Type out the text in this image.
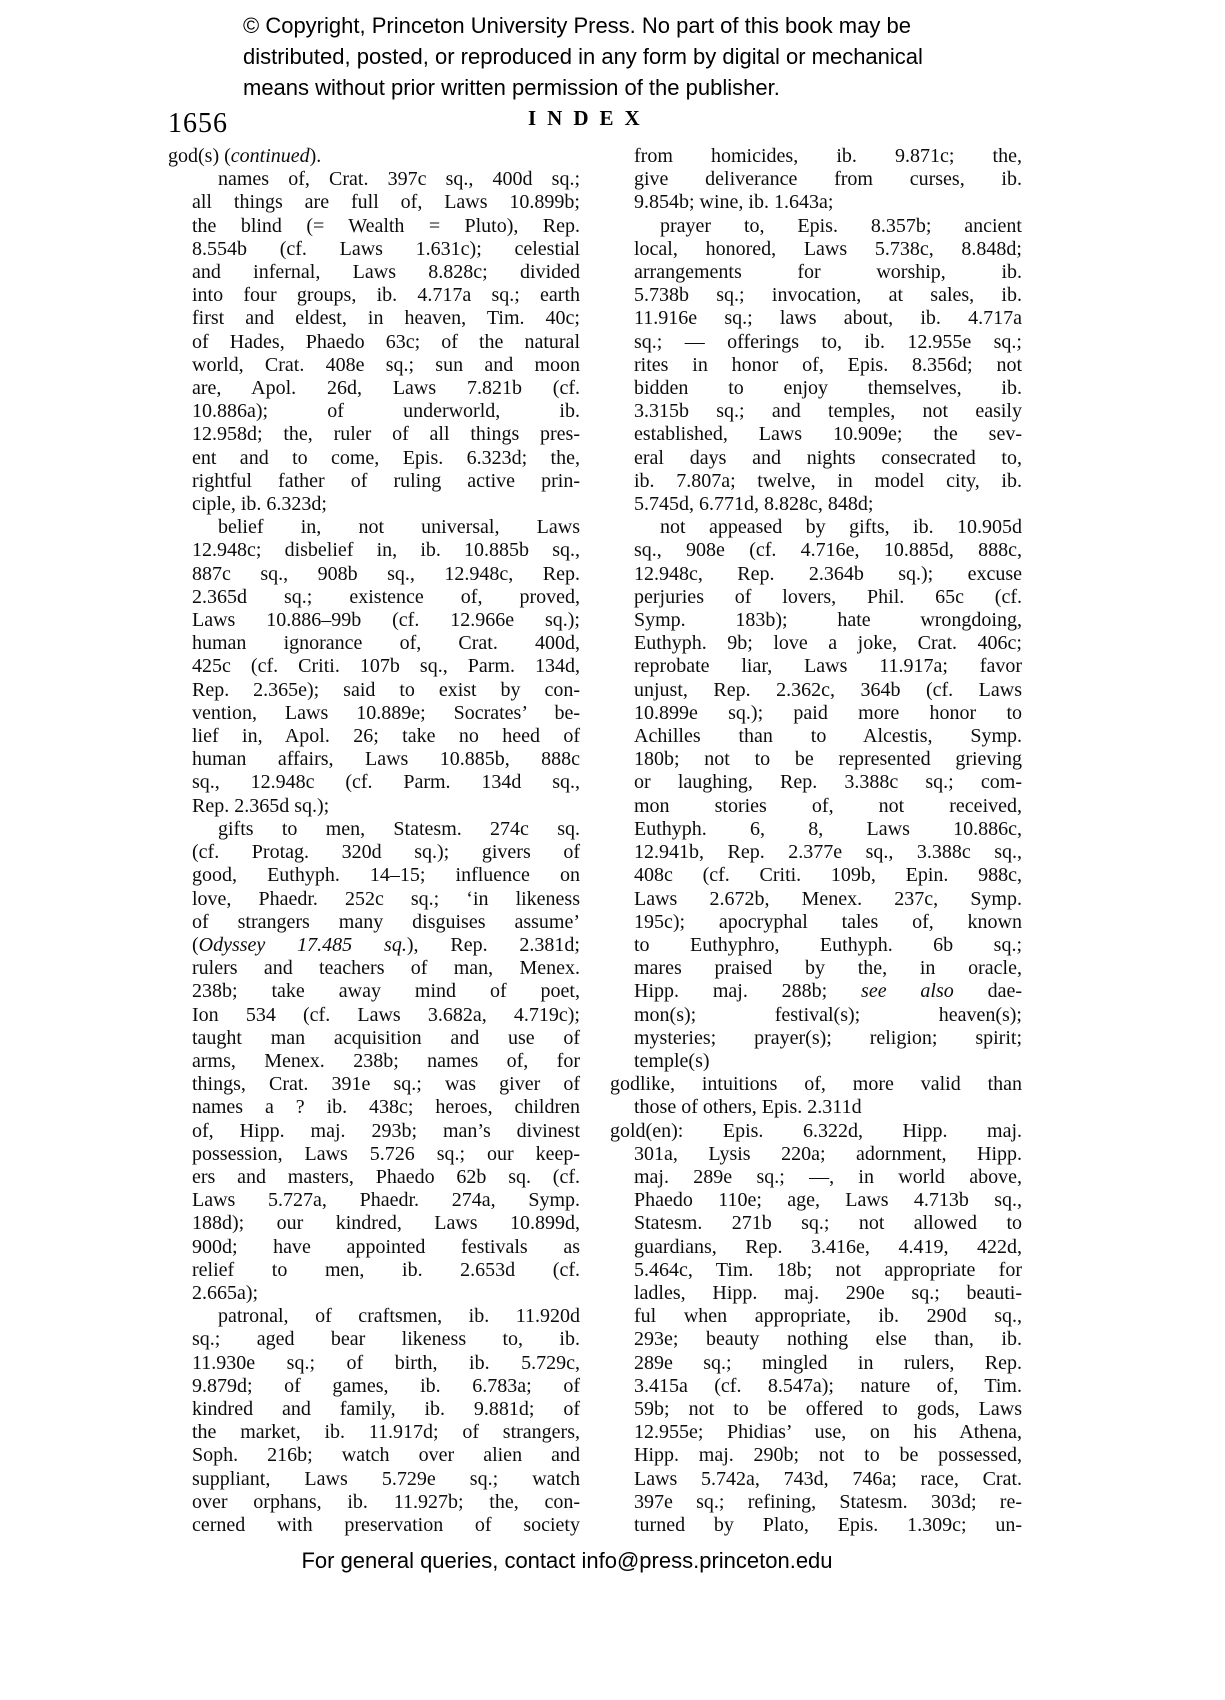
© Copyright, Princeton University Press. No part of this book may be
distributed, posted, or reproduced in any form by digital or mechanical
means without prior written permission of the publisher.
1656	INDEX
god(s) (continued).
names of, Crat. 397c sq., 400d sq.;
all things are full of, Laws 10.899b;
the blind (= Wealth = Pluto), Rep.
8.554b (cf. Laws 1.631c); celestial
and infernal, Laws 8.828c; divided
into four groups, ib. 4.717a sq.; earth
first and eldest, in heaven, Tim. 40c;
of Hades, Phaedo 63c; of the natural
world, Crat. 408e sq.; sun and moon
are, Apol. 26d, Laws 7.821b (cf.
10.886a); of underworld, ib.
12.958d; the, ruler of all things pres-
ent and to come, Epis. 6.323d; the,
rightful father of ruling active prin-
ciple, ib. 6.323d;
belief in, not universal, Laws
12.948c; disbelief in, ib. 10.885b sq.,
887c sq., 908b sq., 12.948c, Rep.
2.365d sq.; existence of, proved,
Laws 10.886–99b (cf. 12.966e sq.);
human ignorance of, Crat. 400d,
425c (cf. Criti. 107b sq., Parm. 134d,
Rep. 2.365e); said to exist by con-
vention, Laws 10.889e; Socrates’ be-
lief in, Apol. 26; take no heed of
human affairs, Laws 10.885b, 888c
sq., 12.948c (cf. Parm. 134d sq.,
Rep. 2.365d sq.);
gifts to men, Statesm. 274c sq.
(cf. Protag. 320d sq.); givers of
good, Euthyph. 14–15; influence on
love, Phaedr. 252c sq.; ‘in likeness
of strangers many disguises assume’
(Odyssey 17.485 sq.), Rep. 2.381d;
rulers and teachers of man, Menex.
238b; take away mind of poet,
Ion 534 (cf. Laws 3.682a, 4.719c);
taught man acquisition and use of
arms, Menex. 238b; names of, for
things, Crat. 391e sq.; was giver of
names a ? ib. 438c; heroes, children
of, Hipp. maj. 293b; man’s divinest
possession, Laws 5.726 sq.; our keep-
ers and masters, Phaedo 62b sq. (cf.
Laws 5.727a, Phaedr. 274a, Symp.
188d); our kindred, Laws 10.899d,
900d; have appointed festivals as
relief to men, ib. 2.653d (cf.
2.665a);
patronal, of craftsmen, ib. 11.920d
sq.; aged bear likeness to, ib.
11.930e sq.; of birth, ib. 5.729c,
9.879d; of games, ib. 6.783a; of
kindred and family, ib. 9.881d; of
the market, ib. 11.917d; of strangers,
Soph. 216b; watch over alien and
suppliant, Laws 5.729e sq.; watch
over orphans, ib. 11.927b; the, con-
cerned with preservation of society
from homicides, ib. 9.871c; the,
give deliverance from curses, ib.
9.854b; wine, ib. 1.643a;
prayer to, Epis. 8.357b; ancient
local, honored, Laws 5.738c, 8.848d;
arrangements for worship, ib.
5.738b sq.; invocation, at sales, ib.
11.916e sq.; laws about, ib. 4.717a
sq.; — offerings to, ib. 12.955e sq.;
rites in honor of, Epis. 8.356d; not
bidden to enjoy themselves, ib.
3.315b sq.; and temples, not easily
established, Laws 10.909e; the sev-
eral days and nights consecrated to,
ib. 7.807a; twelve, in model city, ib.
5.745d, 6.771d, 8.828c, 848d;
not appeased by gifts, ib. 10.905d
sq., 908e (cf. 4.716e, 10.885d, 888c,
12.948c, Rep. 2.364b sq.); excuse
perjuries of lovers, Phil. 65c (cf.
Symp. 183b); hate wrongdoing,
Euthyph. 9b; love a joke, Crat. 406c;
reprobate liar, Laws 11.917a; favor
unjust, Rep. 2.362c, 364b (cf. Laws
10.899e sq.); paid more honor to
Achilles than to Alcestis, Symp.
180b; not to be represented grieving
or laughing, Rep. 3.388c sq.; com-
mon stories of, not received,
Euthyph. 6, 8, Laws 10.886c,
12.941b, Rep. 2.377e sq., 3.388c sq.,
408c (cf. Criti. 109b, Epin. 988c,
Laws 2.672b, Menex. 237c, Symp.
195c); apocryphal tales of, known
to Euthyphro, Euthyph. 6b sq.;
mares praised by the, in oracle,
Hipp. maj. 288b; see also dae-
mon(s); festival(s); heaven(s);
mysteries; prayer(s); religion; spirit;
temple(s)
godlike, intuitions of, more valid than
those of others, Epis. 2.311d
gold(en): Epis. 6.322d, Hipp. maj.
301a, Lysis 220a; adornment, Hipp.
maj. 289e sq.; —, in world above,
Phaedo 110e; age, Laws 4.713b sq.,
Statesm. 271b sq.; not allowed to
guardians, Rep. 3.416e, 4.419, 422d,
5.464c, Tim. 18b; not appropriate for
ladles, Hipp. maj. 290e sq.; beauti-
ful when appropriate, ib. 290d sq.,
293e; beauty nothing else than, ib.
289e sq.; mingled in rulers, Rep.
3.415a (cf. 8.547a); nature of, Tim.
59b; not to be offered to gods, Laws
12.955e; Phidias’ use, on his Athena,
Hipp. maj. 290b; not to be possessed,
Laws 5.742a, 743d, 746a; race, Crat.
397e sq.; refining, Statesm. 303d; re-
turned by Plato, Epis. 1.309c; un-
For general queries, contact info@press.princeton.edu
